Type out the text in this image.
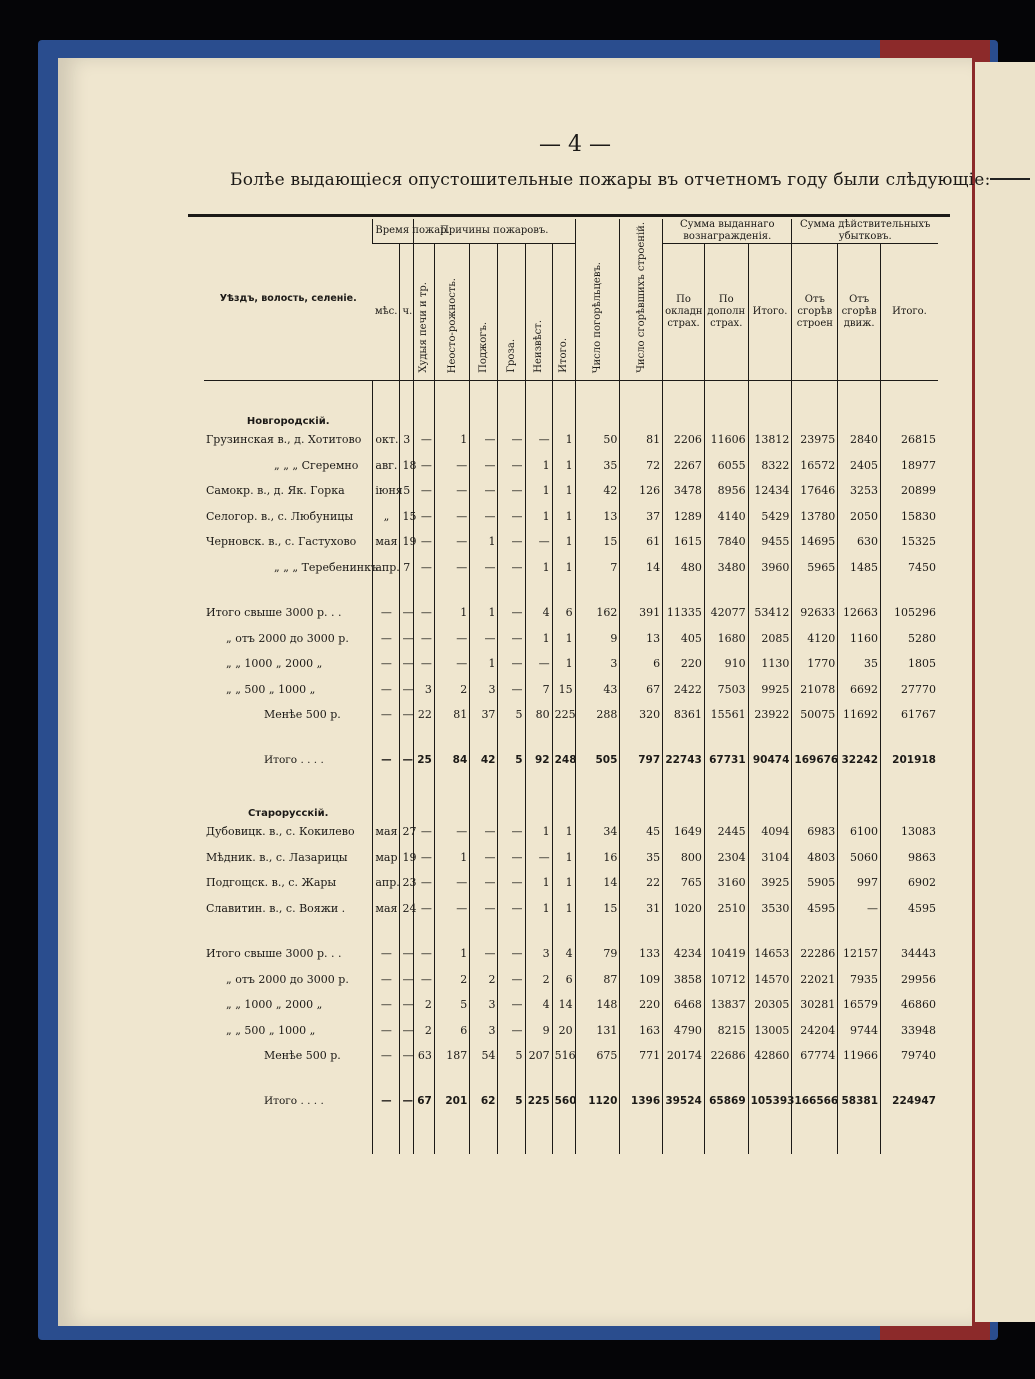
— 4 —
Болѣе выдающіеся опустошительные пожары въ отчетномъ году были слѣдующіе:
Уѣздъ, волость, селеніе.	Время пожар.		Причины пожаровъ.						Число погорѣльцевъ.	Число сгорѣвшихъ строеній.	Сумма выданнаго вознагражденія.			Сумма дѣйствительныхъ убытковъ.		
	мѣс.	ч.	Худыя печи и тр.	Неосто-рожность.	Поджогъ.	Гроза.	Неизвѣст.	Итого.			По окладн страх.	По дополн страх.	Итого.	Отъ сгорѣв строен	Отъ сгорѣв движ.	Итого.

Новгородскій.																
Грузинская в., д. Хотитово	окт.	3	—	1	—	—	—	1	50	81	2206	11606	13812	23975	2840	26815
„ „ „ Сгеремно	авг.	18	—	—	—	—	1	1	35	72	2267	6055	8322	16572	2405	18977
Самокр. в., д. Як. Горка	іюня	5	—	—	—	—	1	1	42	126	3478	8956	12434	17646	3253	20899
Селогор. в., с. Любуницы	„	15	—	—	—	—	1	1	13	37	1289	4140	5429	13780	2050	15830
Черновск. в., с. Гастухово	мая	19	—	—	1	—	—	1	15	61	1615	7840	9455	14695	630	15325
„ „ „ Теребенинкъ	апр.	7	—	—	—	—	1	1	7	14	480	3480	3960	5965	1485	7450

Итого свыше 3000 р. . .	—	—	—	1	1	—	4	6	162	391	11335	42077	53412	92633	12663	105296
„ отъ 2000 до 3000 р.	—	—	—	—	—	—	1	1	9	13	405	1680	2085	4120	1160	5280
„ „ 1000 „ 2000 „	—	—	—	—	1	—	—	1	3	6	220	910	1130	1770	35	1805
„ „ 500 „ 1000 „	—	—	3	2	3	—	7	15	43	67	2422	7503	9925	21078	6692	27770
Менѣе 500 р.	—	—	22	81	37	5	80	225	288	320	8361	15561	23922	50075	11692	61767

Итого . . . .	—	—	25	84	42	5	92	248	505	797	22743	67731	90474	169676	32242	201918

Старорусскій.																
Дубовицк. в., с. Кокилево	мая	27	—	—	—	—	1	1	34	45	1649	2445	4094	6983	6100	13083
Мѣдник. в., с. Лазарицы	мар	19	—	1	—	—	—	1	16	35	800	2304	3104	4803	5060	9863
Подгощск. в., с. Жары	апр.	23	—	—	—	—	1	1	14	22	765	3160	3925	5905	997	6902
Славитин. в., с. Вояжи .	мая	24	—	—	—	—	1	1	15	31	1020	2510	3530	4595	—	4595

Итого свыше 3000 р. . .	—	—	—	1	—	—	3	4	79	133	4234	10419	14653	22286	12157	34443
„ отъ 2000 до 3000 р.	—	—	—	2	2	—	2	6	87	109	3858	10712	14570	22021	7935	29956
„ „ 1000 „ 2000 „	—	—	2	5	3	—	4	14	148	220	6468	13837	20305	30281	16579	46860
„ „ 500 „ 1000 „	—	—	2	6	3	—	9	20	131	163	4790	8215	13005	24204	9744	33948
Менѣе 500 р.	—	—	63	187	54	5	207	516	675	771	20174	22686	42860	67774	11966	79740

Итого . . . .	—	—	67	201	62	5	225	560	1120	1396	39524	65869	105393	166566	58381	224947
